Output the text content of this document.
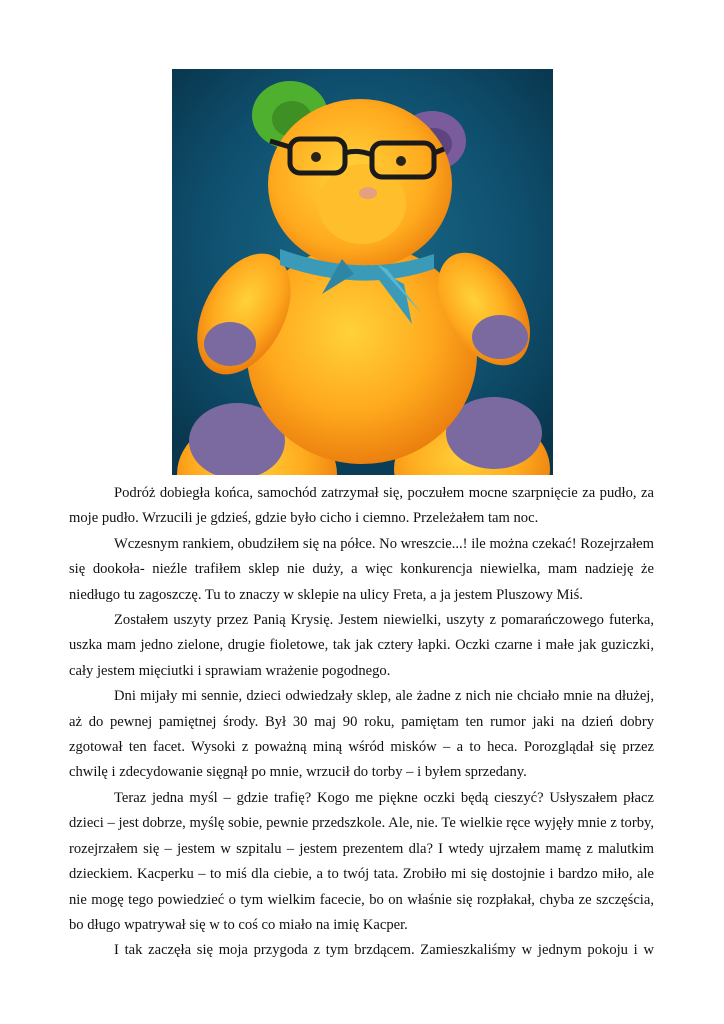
Podróż dobiegła końca, samochód zatrzymał się, poczułem mocne szarpnięcie za pudło, za moje pudło. Wrzucili je gdzieś, gdzie było cicho i ciemno. Przeleżałem tam noc.

Wczesnym rankiem, obudziłem się na półce. No wreszcie...! ile można czekać! Rozejrzałem się dookoła- nieźle trafiłem sklep nie duży, a więc konkurencja niewielka, mam nadzieję że niedługo tu zagoszczę. Tu to znaczy w sklepie na ulicy Freta, a ja jestem Pluszowy Miś.

Zostałem uszyty przez Panią Krysię. Jestem niewielki, uszyty z pomarańczowego futerka, uszka mam jedno zielone, drugie fioletowe, tak jak cztery łapki. Oczki czarne i małe jak guziczki, cały jestem mięciutki i sprawiam wrażenie pogodnego.

Dni mijały mi sennie, dzieci odwiedzały sklep, ale żadne z nich nie chciało mnie na dłużej, aż do pewnej pamiętnej środy. Był 30 maj 90 roku, pamiętam ten rumor jaki na dzień dobry zgotował ten facet. Wysoki z poważną miną wśród misków – a to heca. Porozglądał się przez chwilę i zdecydowanie sięgnął po mnie, wrzucił do torby – i byłem sprzedany.

Teraz jedna myśl – gdzie trafię? Kogo me piękne oczki będą cieszyć? Usłyszałem płacz dzieci – jest dobrze, myślę sobie, pewnie przedszkole. Ale, nie. Te wielkie ręce wyjęły mnie z torby, rozejrzałem się – jestem w szpitalu – jestem prezentem dla? I wtedy ujrzałem mamę z malutkim dzieckiem. Kacperku – to miś dla ciebie, a to twój tata. Zrobiło mi się dostojnie i bardzo miło, ale nie mogę tego powiedzieć o tym wielkim facecie, bo on właśnie się rozpłakał, chyba ze szczęścia, bo długo wpatrywał się w to coś co miało na imię Kacper.

I tak zaczęła się moja przygoda z tym brzdącem. Zamieszkaliśmy w jednym pokoju i w
